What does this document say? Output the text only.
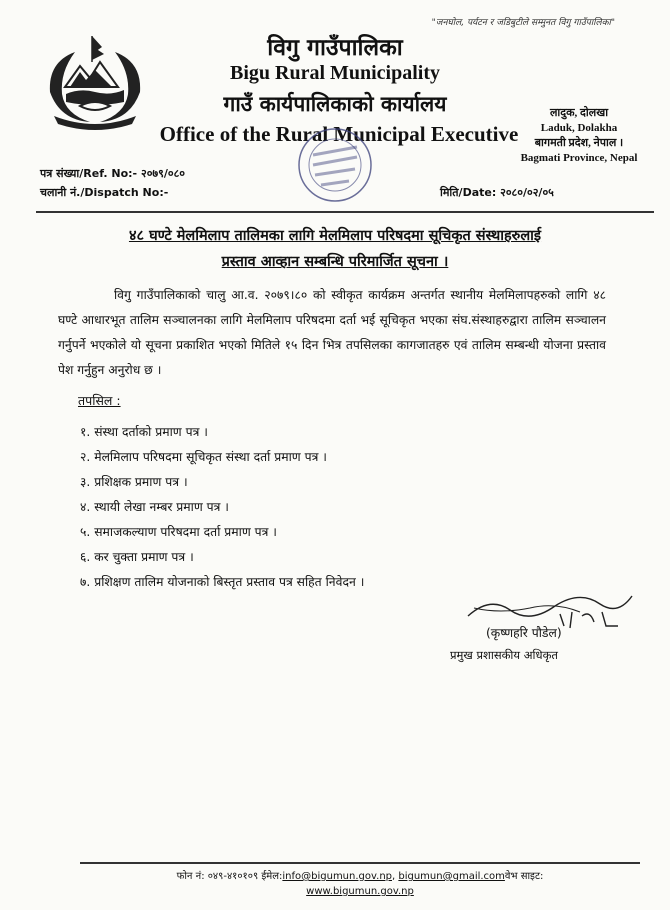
"जनघोल, पर्यटन र जडिबुटीले सम्मुनत विगु गाउँपालिका"
विगु गाउँपालिका
Bigu Rural Municipality
गाउँ कार्यपालिकाको कार्यालय
Office of the Rural Municipal Executive
लादुक, दोलखा
Laduk, Dolakha
बागमती प्रदेश, नेपाल ।
Bagmati Province, Nepal
पत्र संख्या/Ref. No:- २०७९/०८०
चलानी नं./Dispatch No:-	मिति/Date: २०८०/०२/०५
४८ घण्टे मेलमिलाप तालिमका लागि मेलमिलाप परिषदमा सूचिकृत संस्थाहरुलाई
प्रस्ताव आव्हान सम्बन्धि परिमार्जित सूचना ।
विगु गाउँपालिकाको चालु आ.व. २०७९।८० को स्वीकृत कार्यक्रम अन्तर्गत स्थानीय मेलमिलापहरुको लागि ४८ घण्टे आधारभूत तालिम सञ्चालनका लागि मेलमिलाप परिषदमा दर्ता भई सूचिकृत भएका संघ.संस्थाहरुद्वारा तालिम सञ्चालन गर्नुपर्ने भएकोले यो सूचना प्रकाशित भएको मितिले १५ दिन भित्र तपसिलका कागजातहरु एवं तालिम सम्बन्धी योजना प्रस्ताव पेश गर्नुहुन अनुरोध छ ।
तपसिल :
१. संस्था दर्ताको प्रमाण पत्र ।
२. मेलमिलाप परिषदमा सूचिकृत संस्था दर्ता प्रमाण पत्र ।
३. प्रशिक्षक प्रमाण पत्र ।
४. स्थायी लेखा नम्बर प्रमाण पत्र ।
५. समाजकल्याण परिषदमा दर्ता प्रमाण पत्र ।
६. कर चुक्ता प्रमाण पत्र ।
७. प्रशिक्षण तालिम योजनाको बिस्तृत प्रस्ताव पत्र सहित निवेदन ।
(कृष्णहरि पौडेल)
प्रमुख प्रशासकीय अधिकृत
फोन नं: ०४९-४१०१०९ ईमेल:info@bigumun.gov.np, bigumun@gmail.comवेभ साइट:
www.bigumun.gov.np
